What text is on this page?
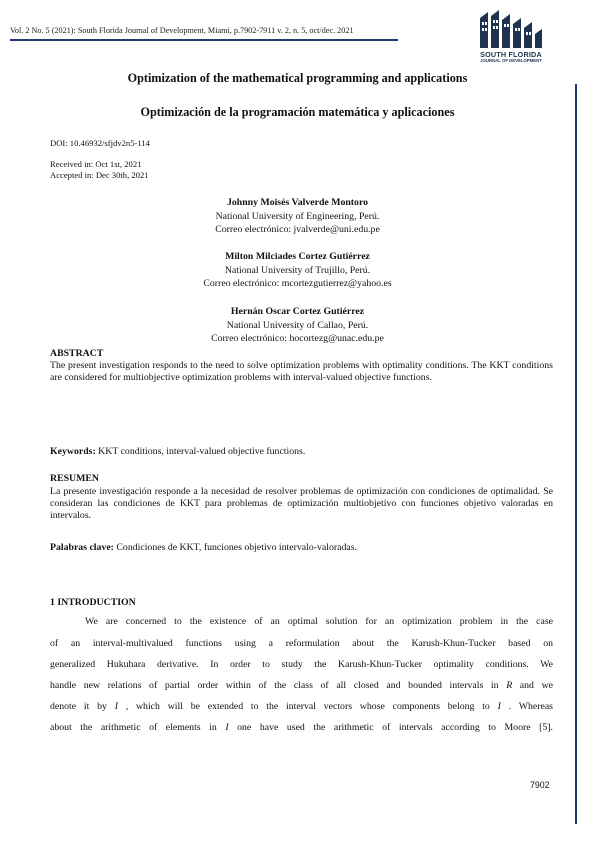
Vol. 2 No. 5 (2021): South Florida Journal of Development, Miami, p.7902-7911 v. 2, n. 5, oct/dec. 2021
SOUTH FLORIDA
JOURNAL OF DEVELOPMENT
Optimization of the mathematical programming and applications
Optimización de la programación matemática y aplicaciones
DOI: 10.46932/sfjdv2n5-114
Received in: Oct 1st, 2021
Accepted in: Dec 30th, 2021
Johnny Moisés Valverde Montoro
National University of Engineering, Perú.
Correo electrónico: jvalverde@uni.edu.pe
Milton Milciades Cortez Gutiérrez
National University of Trujillo, Perú.
Correo electrónico: mcortezgutierrez@yahoo.es
Hernán Oscar Cortez Gutiérrez
National University of Callao, Perú.
Correo electrónico: hocortezg@unac.edu.pe
ABSTRACT
The present investigation responds to the need to solve optimization problems with optimality conditions. The KKT conditions are considered for multiobjective optimization problems with interval-valued objective functions.
Keywords: KKT conditions, interval-valued objective functions.
RESUMEN
La presente investigación responde a la necesidad de resolver problemas de optimización con condiciones de optimalidad. Se consideran las condiciones de KKT para problemas de optimización multiobjetivo con funciones objetivo valoradas en intervalos.
Palabras clave: Condiciones de KKT, funciones objetivo intervalo-valoradas.
1 INTRODUCTION
We are concerned to the existence of an optimal solution for an optimization problem in the case
of an interval-multivalued functions using a reformulation about the Karush-Khun-Tucker based on
generalized Hukuhara derivative. In order to study the Karush-Khun-Tucker optimality conditions. We
handle new relations of partial order within of the class of all closed and bounded intervals in R and we
denote it by I , which will be extended to the interval vectors whose components belong to I . Whereas
about the arithmetic of elements in I one have used the arithmetic of intervals according to Moore [5].
7902
